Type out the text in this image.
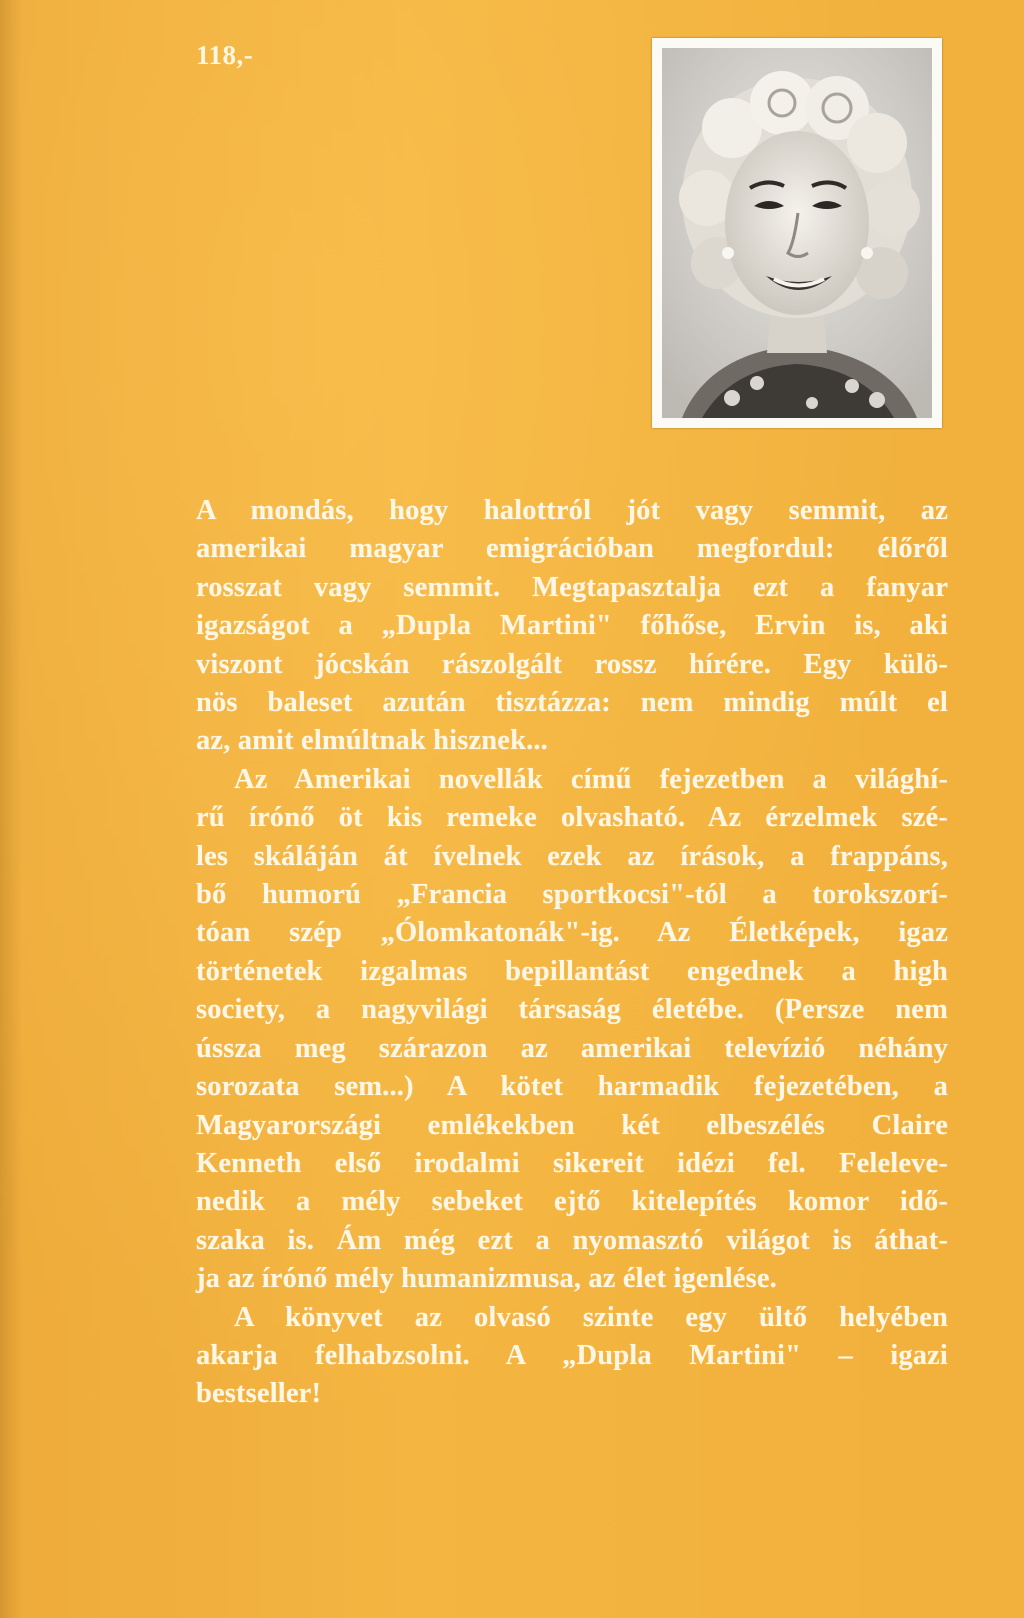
118,-
A mondás, hogy halottról jót vagy semmit, az
amerikai magyar emigrációban megfordul: élőről
rosszat vagy semmit. Megtapasztalja ezt a fanyar
igazságot a „Dupla Martini" főhőse, Ervin is, aki
viszont jócskán rászolgált rossz hírére. Egy külö-
nös baleset azután tisztázza: nem mindig múlt el
az, amit elmúltnak hisznek...
Az Amerikai novellák című fejezetben a világhí-
rű írónő öt kis remeke olvasható. Az érzelmek szé-
les skáláján át ívelnek ezek az írások, a frappáns,
bő humorú „Francia sportkocsi"-tól a torokszorí-
tóan szép „Ólomkatonák"-ig. Az Életképek, igaz
történetek izgalmas bepillantást engednek a high
society, a nagyvilági társaság életébe. (Persze nem
ússza meg szárazon az amerikai televízió néhány
sorozata sem...) A kötet harmadik fejezetében, a
Magyarországi emlékekben két elbeszélés Claire
Kenneth első irodalmi sikereit idézi fel. Feleleve-
nedik a mély sebeket ejtő kitelepítés komor idő-
szaka is. Ám még ezt a nyomasztó világot is áthat-
ja az írónő mély humanizmusa, az élet igenlése.
A könyvet az olvasó szinte egy ültő helyében
akarja felhabzsolni. A „Dupla Martini" – igazi
bestseller!
